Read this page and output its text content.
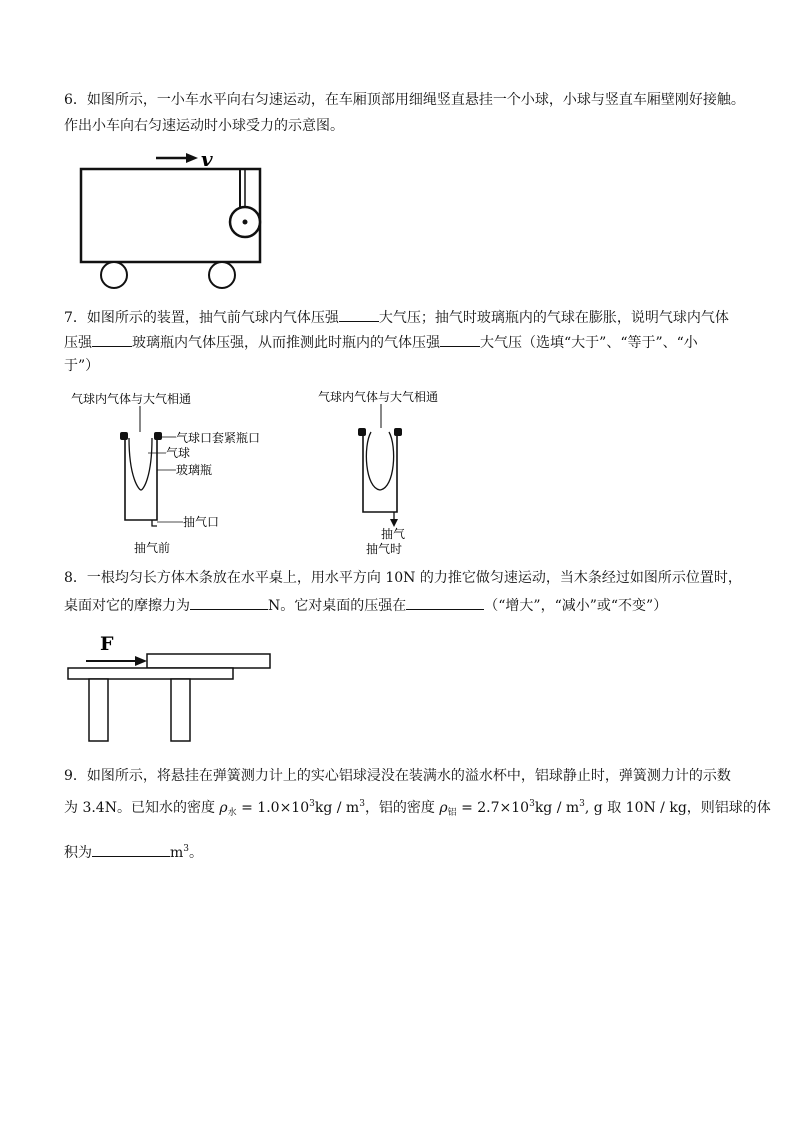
6．如图所示，一小车水平向右匀速运动，在车厢顶部用细绳竖直悬挂一个小球，小球与竖直车厢壁刚好接触。
作出小车向右匀速运动时小球受力的示意图。
v
7．如图所示的装置，抽气前气球内气体压强	大气压；抽气时玻璃瓶内的气球在膨胀，说明气球内气体
压强	玻璃瓶内气体压强，从而推测此时瓶内的气体压强	大气压（选填“大于”、“等于”、“小
于”）
气球内气体与大气相通
气球口套紧瓶口
气球
玻璃瓶
抽气口
抽气前
气球内气体与大气相通
抽气
抽气时
8．一根均匀长方体木条放在水平桌上，用水平方向 10N 的力推它做匀速运动，当木条经过如图所示位置时，
桌面对它的摩擦力为	N。它对桌面的压强在	（“增大”，“减小”或“不变”）
F
9．如图所示，将悬挂在弹簧测力计上的实心铝球浸没在装满水的溢水杯中，铝球静止时，弹簧测力计的示数
为 3.4N。已知水的密度 $\rho_水 = 1.0\times 10^3kg / m^3$，铝的密度 $\rho_铝 = 2.7\times 10^3kg / m^3$, g 取 10N / kg，则铝球的体
积为	$m^3$。
